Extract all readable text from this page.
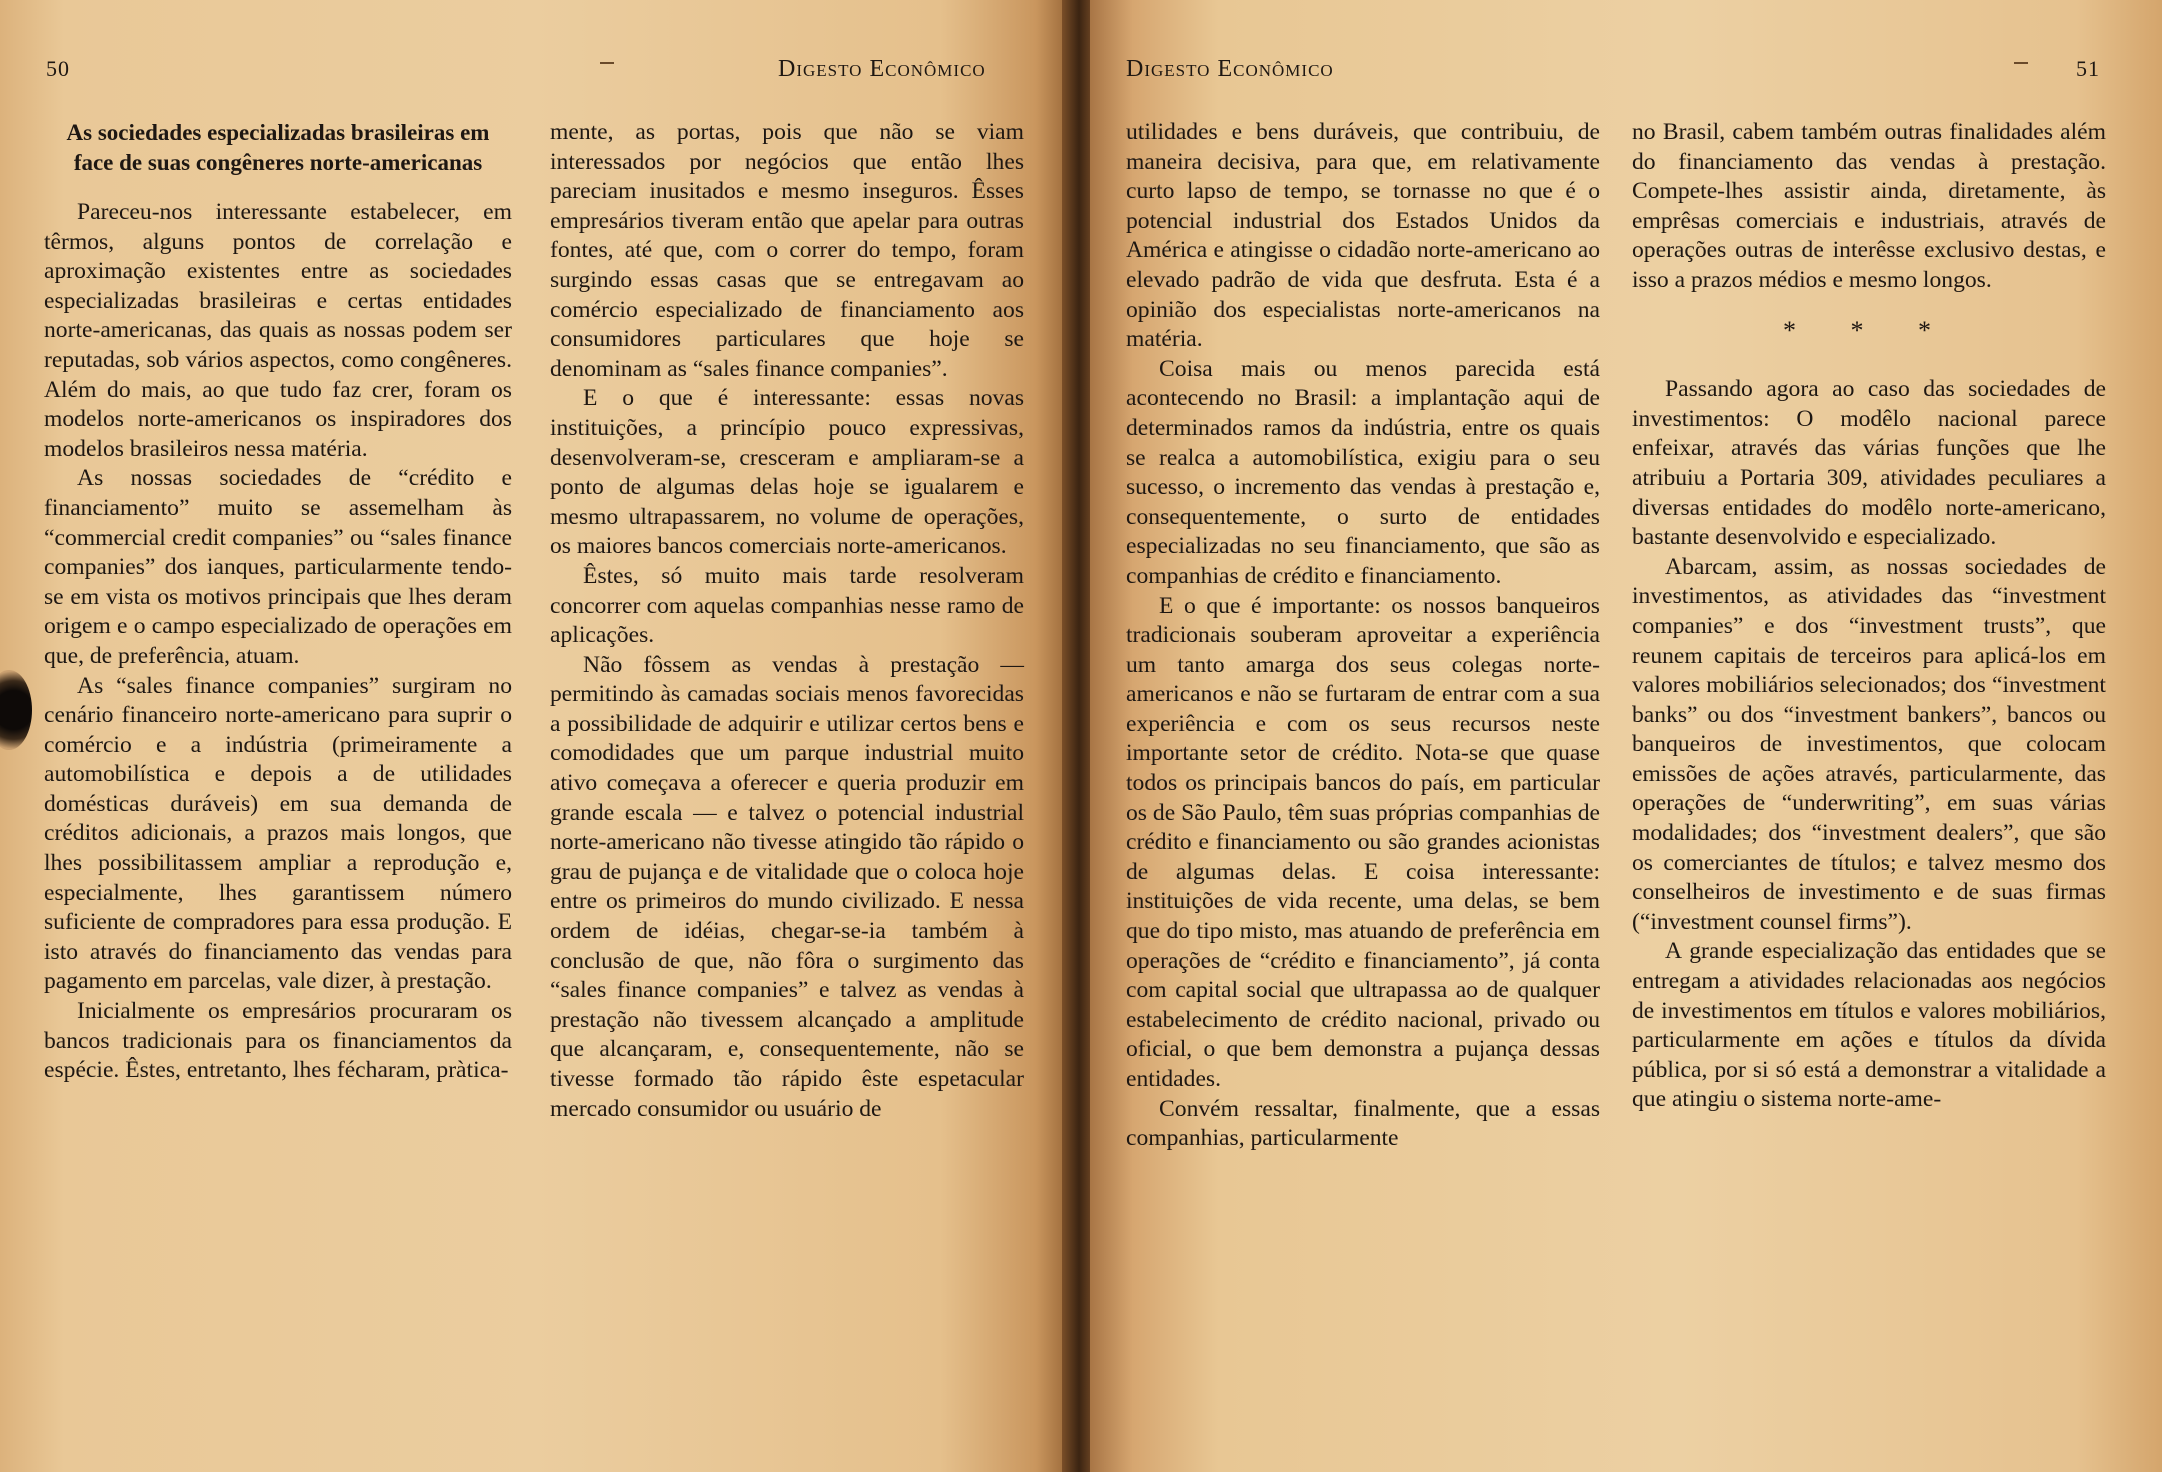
50	Digesto Econômico
As sociedades especializadas brasileiras em face de suas congêneres norte-americanas

Pareceu-nos interessante estabelecer, em têrmos, alguns pontos de correlação e aproximação existentes entre as sociedades especializadas brasileiras e certas entidades norte-americanas, das quais as nossas podem ser reputadas, sob vários aspectos, como congêneres. Além do mais, ao que tudo faz crer, foram os modelos norte-americanos os inspiradores dos modelos brasileiros nessa matéria.

As nossas sociedades de “crédito e financiamento” muito se assemelham às “commercial credit companies” ou “sales finance companies” dos ianques, particularmente tendo-se em vista os motivos principais que lhes deram origem e o campo especializado de operações em que, de preferência, atuam.

As “sales finance companies” surgiram no cenário financeiro norte-americano para suprir o comércio e a indústria (primeiramente a automobilística e depois a de utilidades domésticas duráveis) em sua demanda de créditos adicionais, a prazos mais longos, que lhes possibilitassem ampliar a reprodução e, especialmente, lhes garantissem número suficiente de compradores para essa produção. E isto através do financiamento das vendas para pagamento em parcelas, vale dizer, à prestação.

Inicialmente os empresários procuraram os bancos tradicionais para os financiamentos da espécie. Êstes, entretanto, lhes fécharam, pràtica-

mente, as portas, pois que não se viam interessados por negócios que então lhes pareciam inusitados e mesmo inseguros. Êsses empresários tiveram então que apelar para outras fontes, até que, com o correr do tempo, foram surgindo essas casas que se entregavam ao comércio especializado de financiamento aos consumidores particulares que hoje se denominam as “sales finance companies”.

E o que é interessante: essas novas instituições, a princípio pouco expressivas, desenvolveram-se, cresceram e ampliaram-se a ponto de algumas delas hoje se igualarem e mesmo ultrapassarem, no volume de operações, os maiores bancos comerciais norte-americanos.

Êstes, só muito mais tarde resolveram concorrer com aquelas companhias nesse ramo de aplicações.

Não fôssem as vendas à prestação — permitindo às camadas sociais menos favorecidas a possibilidade de adquirir e utilizar certos bens e comodidades que um parque industrial muito ativo começava a oferecer e queria produzir em grande escala — e talvez o potencial industrial norte-americano não tivesse atingido tão rápido o grau de pujança e de vitalidade que o coloca hoje entre os primeiros do mundo civilizado. E nessa ordem de idéias, chegar-se-ia também à conclusão de que, não fôra o surgimento das “sales finance companies” e talvez as vendas à prestação não tivessem alcançado a amplitude que alcançaram, e, consequentemente, não se tivesse formado tão rápido êste espetacular mercado consumidor ou usuário de

Digesto Econômico	51

utilidades e bens duráveis, que contribuiu, de maneira decisiva, para que, em relativamente curto lapso de tempo, se tornasse no que é o potencial industrial dos Estados Unidos da América e atingisse o cidadão norte-americano ao elevado padrão de vida que desfruta. Esta é a opinião dos especialistas norte-americanos na matéria.

Coisa mais ou menos parecida está acontecendo no Brasil: a implantação aqui de determinados ramos da indústria, entre os quais se realca a automobilística, exigiu para o seu sucesso, o incremento das vendas à prestação e, consequentemente, o surto de entidades especializadas no seu financiamento, que são as companhias de crédito e financiamento.

E o que é importante: os nossos banqueiros tradicionais souberam aproveitar a experiência um tanto amarga dos seus colegas norte-americanos e não se furtaram de entrar com a sua experiência e com os seus recursos neste importante setor de crédito. Nota-se que quase todos os principais bancos do país, em particular os de São Paulo, têm suas próprias companhias de crédito e financiamento ou são grandes acionistas de algumas delas. E coisa interessante: instituições de vida recente, uma delas, se bem que do tipo misto, mas atuando de preferência em operações de “crédito e financiamento”, já conta com capital social que ultrapassa ao de qualquer estabelecimento de crédito nacional, privado ou oficial, o que bem demonstra a pujança dessas entidades.

Convém ressaltar, finalmente, que a essas companhias, particularmente

no Brasil, cabem também outras finalidades além do financiamento das vendas à prestação. Compete-lhes assistir ainda, diretamente, às emprêsas comerciais e industriais, através de operações outras de interêsse exclusivo destas, e isso a prazos médios e mesmo longos.

* * *

Passando agora ao caso das sociedades de investimentos: O modêlo nacional parece enfeixar, através das várias funções que lhe atribuiu a Portaria 309, atividades peculiares a diversas entidades do modêlo norte-americano, bastante desenvolvido e especializado.

Abarcam, assim, as nossas sociedades de investimentos, as atividades das “investment companies” e dos “investment trusts”, que reunem capitais de terceiros para aplicá-los em valores mobiliários selecionados; dos “investment banks” ou dos “investment bankers”, bancos ou banqueiros de investimentos, que colocam emissões de ações através, particularmente, das operações de “underwriting”, em suas várias modalidades; dos “investment dealers”, que são os comerciantes de títulos; e talvez mesmo dos conselheiros de investimento e de suas firmas (“investment counsel firms”).

A grande especialização das entidades que se entregam a atividades relacionadas aos negócios de investimentos em títulos e valores mobiliários, particularmente em ações e títulos da dívida pública, por si só está a demonstrar a vitalidade a que atingiu o sistema norte-ame-
